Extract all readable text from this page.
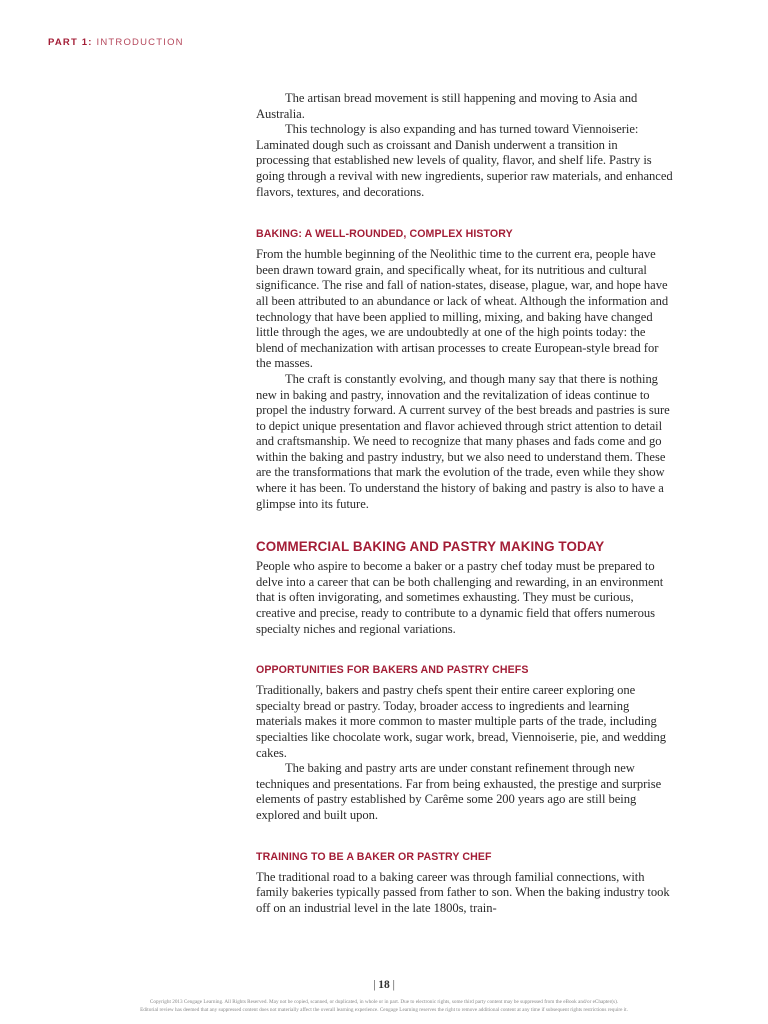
PART 1: INTRODUCTION

The artisan bread movement is still happening and moving to Asia and Australia.

This technology is also expanding and has turned toward Viennoiserie: Laminated dough such as croissant and Danish underwent a transition in processing that established new levels of quality, flavor, and shelf life. Pastry is going through a revival with new ingredients, superior raw materials, and enhanced flavors, textures, and decorations.

BAKING: A WELL-ROUNDED, COMPLEX HISTORY

From the humble beginning of the Neolithic time to the current era, people have been drawn toward grain, and specifically wheat, for its nutritious and cultural significance. The rise and fall of nation-states, disease, plague, war, and hope have all been attributed to an abundance or lack of wheat. Although the information and technology that have been applied to milling, mixing, and baking have changed little through the ages, we are undoubtedly at one of the high points today: the blend of mechanization with artisan processes to create European-style bread for the masses.

The craft is constantly evolving, and though many say that there is nothing new in baking and pastry, innovation and the revitalization of ideas continue to propel the industry forward. A current survey of the best breads and pastries is sure to depict unique presentation and flavor achieved through strict attention to detail and craftsmanship. We need to recognize that many phases and fads come and go within the baking and pastry industry, but we also need to understand them. These are the transformations that mark the evolution of the trade, even while they show where it has been. To understand the history of baking and pastry is also to have a glimpse into its future.

COMMERCIAL BAKING AND PASTRY MAKING TODAY

People who aspire to become a baker or a pastry chef today must be prepared to delve into a career that can be both challenging and rewarding, in an environment that is often invigorating, and sometimes exhausting. They must be curious, creative and precise, ready to contribute to a dynamic field that offers numerous specialty niches and regional variations.

OPPORTUNITIES FOR BAKERS AND PASTRY CHEFS

Traditionally, bakers and pastry chefs spent their entire career exploring one specialty bread or pastry. Today, broader access to ingredients and learning materials makes it more common to master multiple parts of the trade, including specialties like chocolate work, sugar work, bread, Viennoiserie, pie, and wedding cakes.

The baking and pastry arts are under constant refinement through new techniques and presentations. Far from being exhausted, the prestige and surprise elements of pastry established by Carême some 200 years ago are still being explored and built upon.

TRAINING TO BE A BAKER OR PASTRY CHEF

The traditional road to a baking career was through familial connections, with family bakeries typically passed from father to son. When the baking industry took off on an industrial level in the late 1800s, train-

| 18 |
Copyright 2013 Cengage Learning. All Rights Reserved. May not be copied, scanned, or duplicated, in whole or in part. Due to electronic rights, some third party content may be suppressed from the eBook and/or eChapter(s).
Editorial review has deemed that any suppressed content does not materially affect the overall learning experience. Cengage Learning reserves the right to remove additional content at any time if subsequent rights restrictions require it.
